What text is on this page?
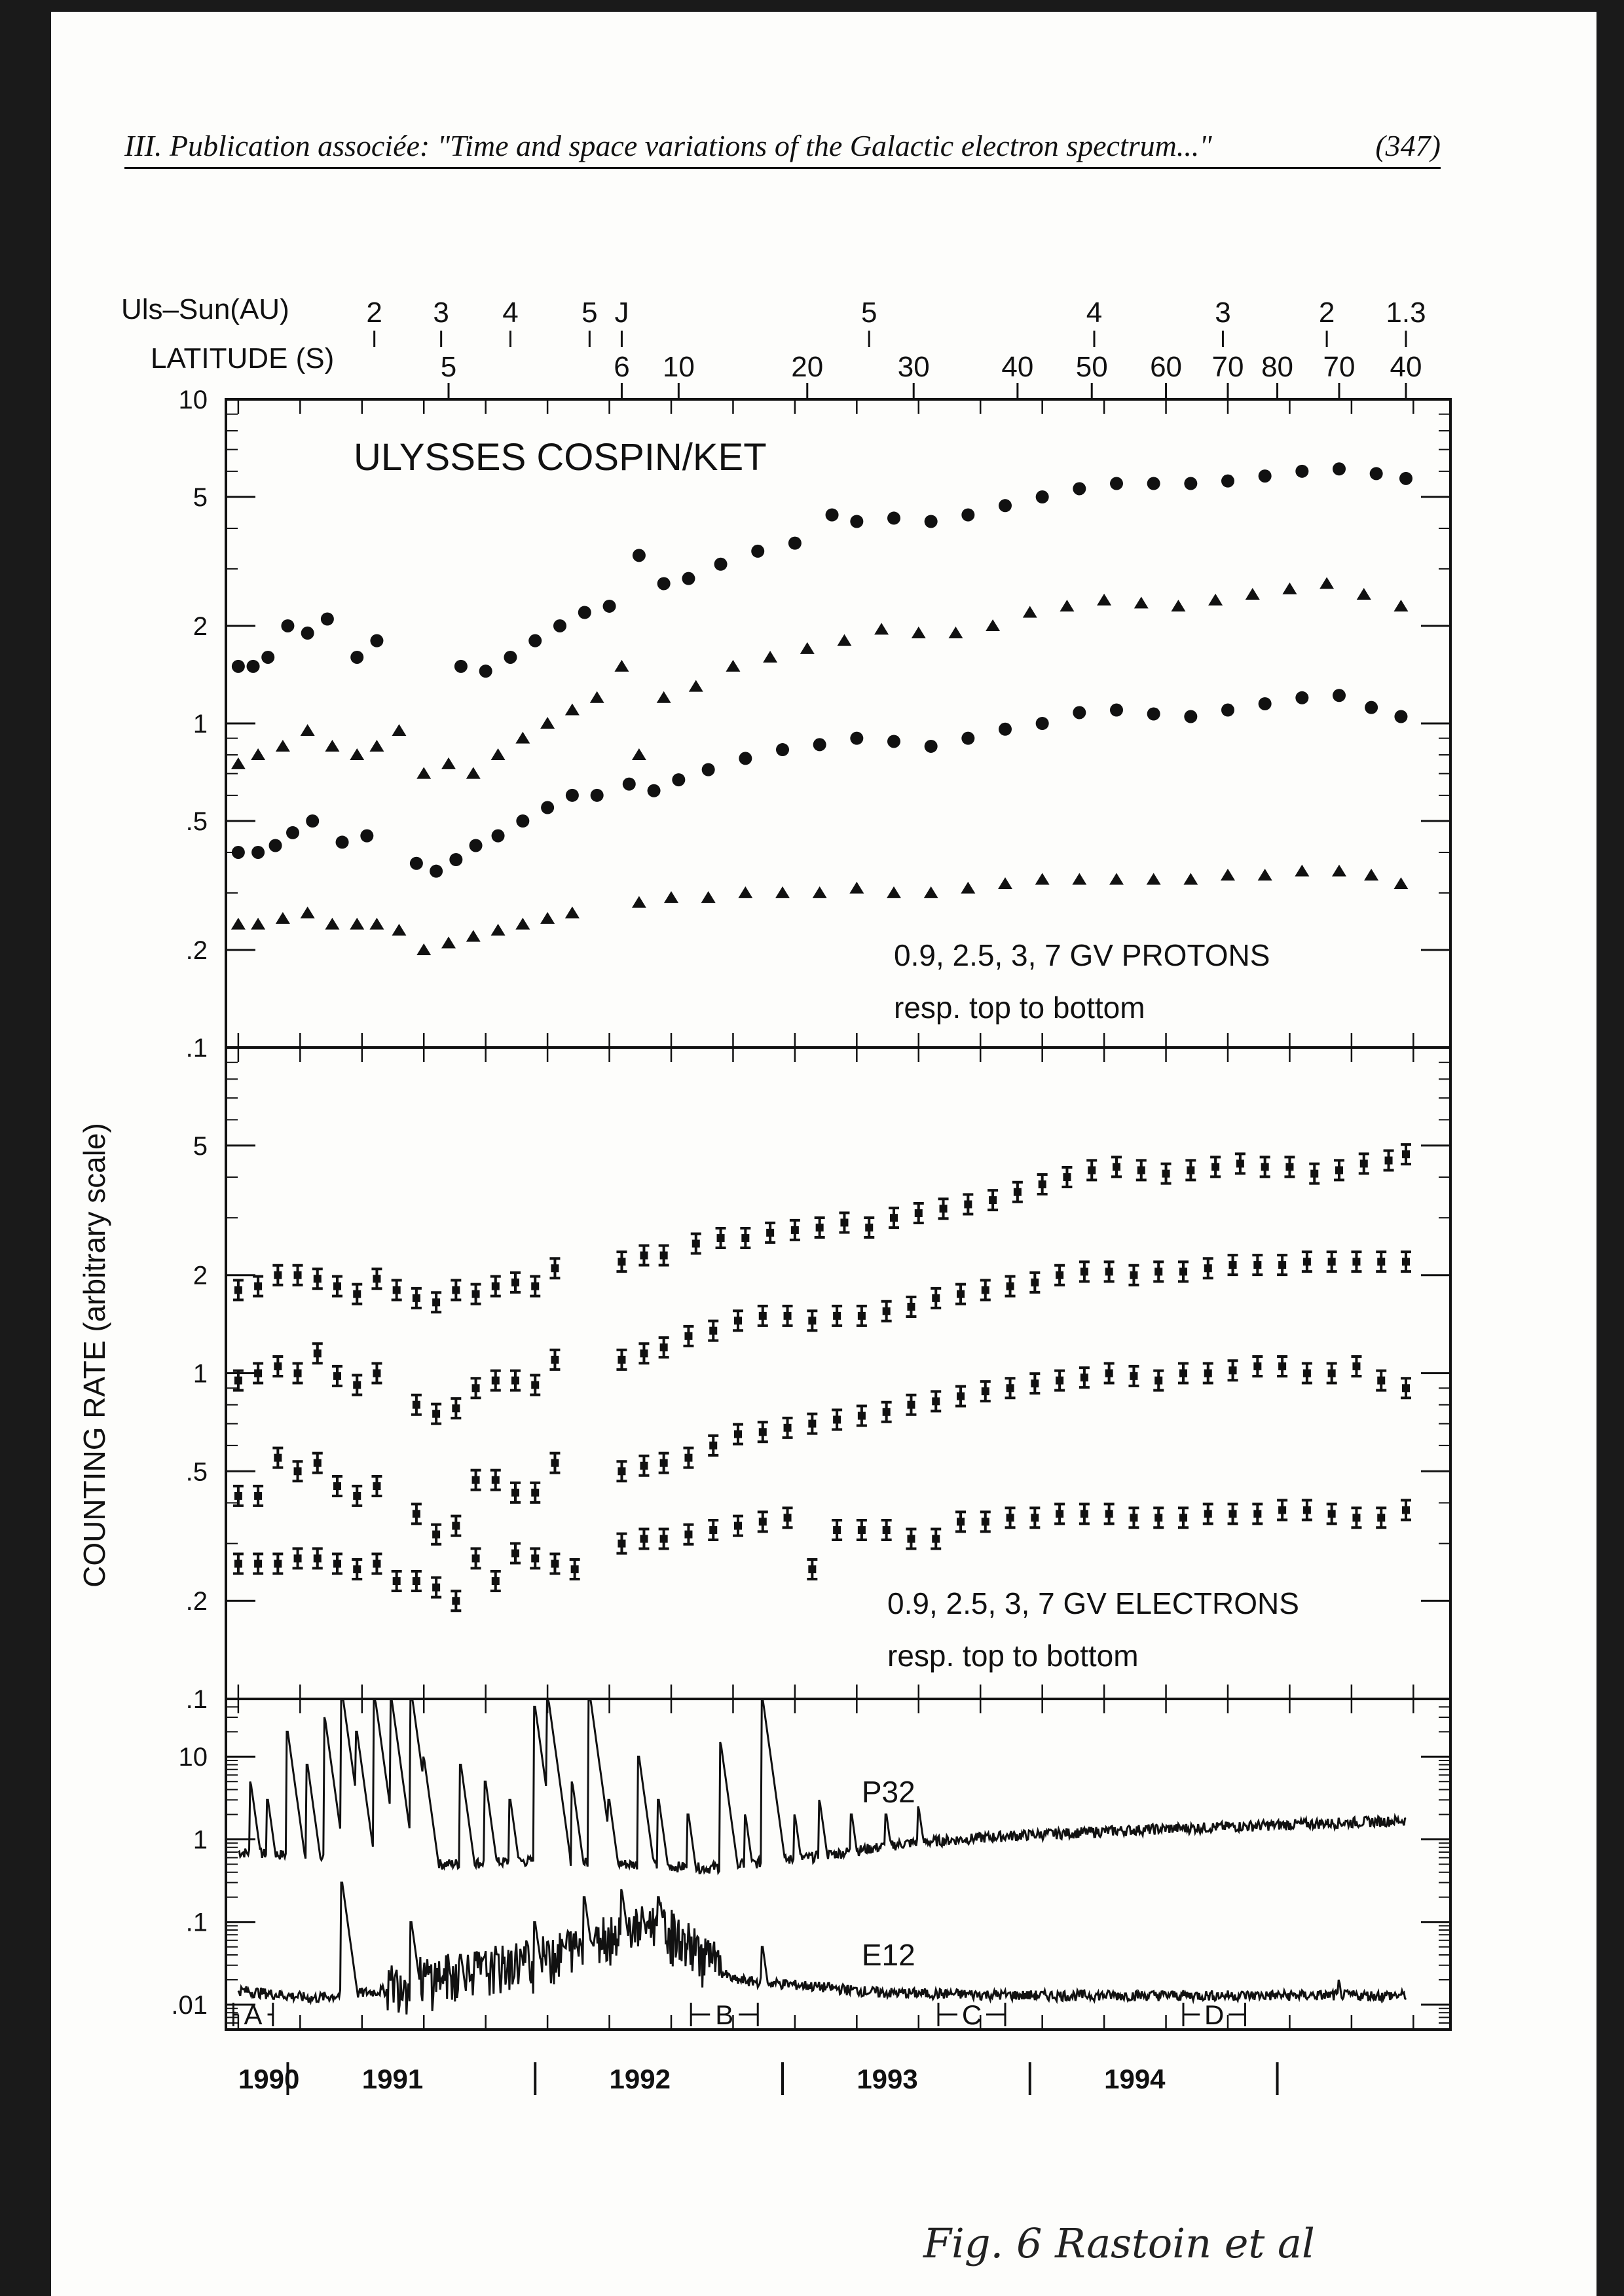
III. Publication associée: "Time and space variations of the Galactic electron spectrum..."	(347)
10
5
2
1
.5
.2
.1
5
2
1
.5
.2
.1
10
1
.1
.01
Uls–Sun(AU)
LATITUDE (S)
2 3 4 5 J	5	4	3	2 1.3
5	6 10	20	30 40 50 60 70 80 70 40
COUNTING RATE (arbitrary scale)
1990 1991	1992	1993	1994
ULYSSES COSPIN/KET
0.9, 2.5, 3, 7 GV PROTONS
resp. top to bottom
0.9, 2.5, 3, 7 GV ELECTRONS
resp. top to bottom
P32
E12
A	B	C	D
Fig. 6 Rastoin et al
